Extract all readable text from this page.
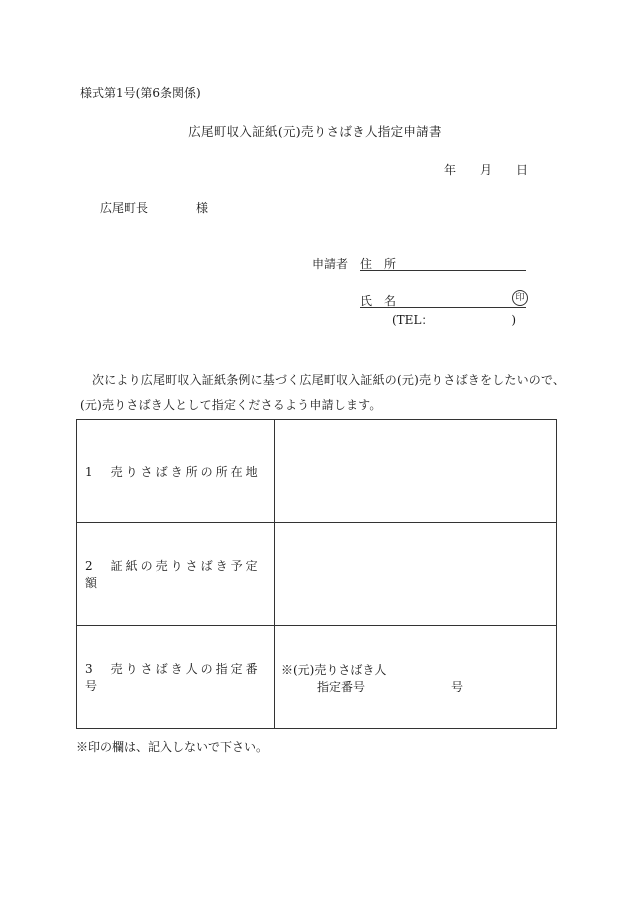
様式第1号(第6条関係)
広尾町収入証紙(元)売りさばき人指定申請書
年 月 日
広尾町長	様
申請者 住　所
氏　名	印
(TEL：	)
次により広尾町収入証紙条例に基づく広尾町収入証紙の(元)売りさばきをしたいので、
(元)売りさばき人として指定くださるよう申請します。
1　売りさばき所の所在地	
2　証紙の売りさばき予定額	
3　売りさばき人の指定番号	※(元)売りさばき人
指定番号 号
※印の欄は、記入しないで下さい。
